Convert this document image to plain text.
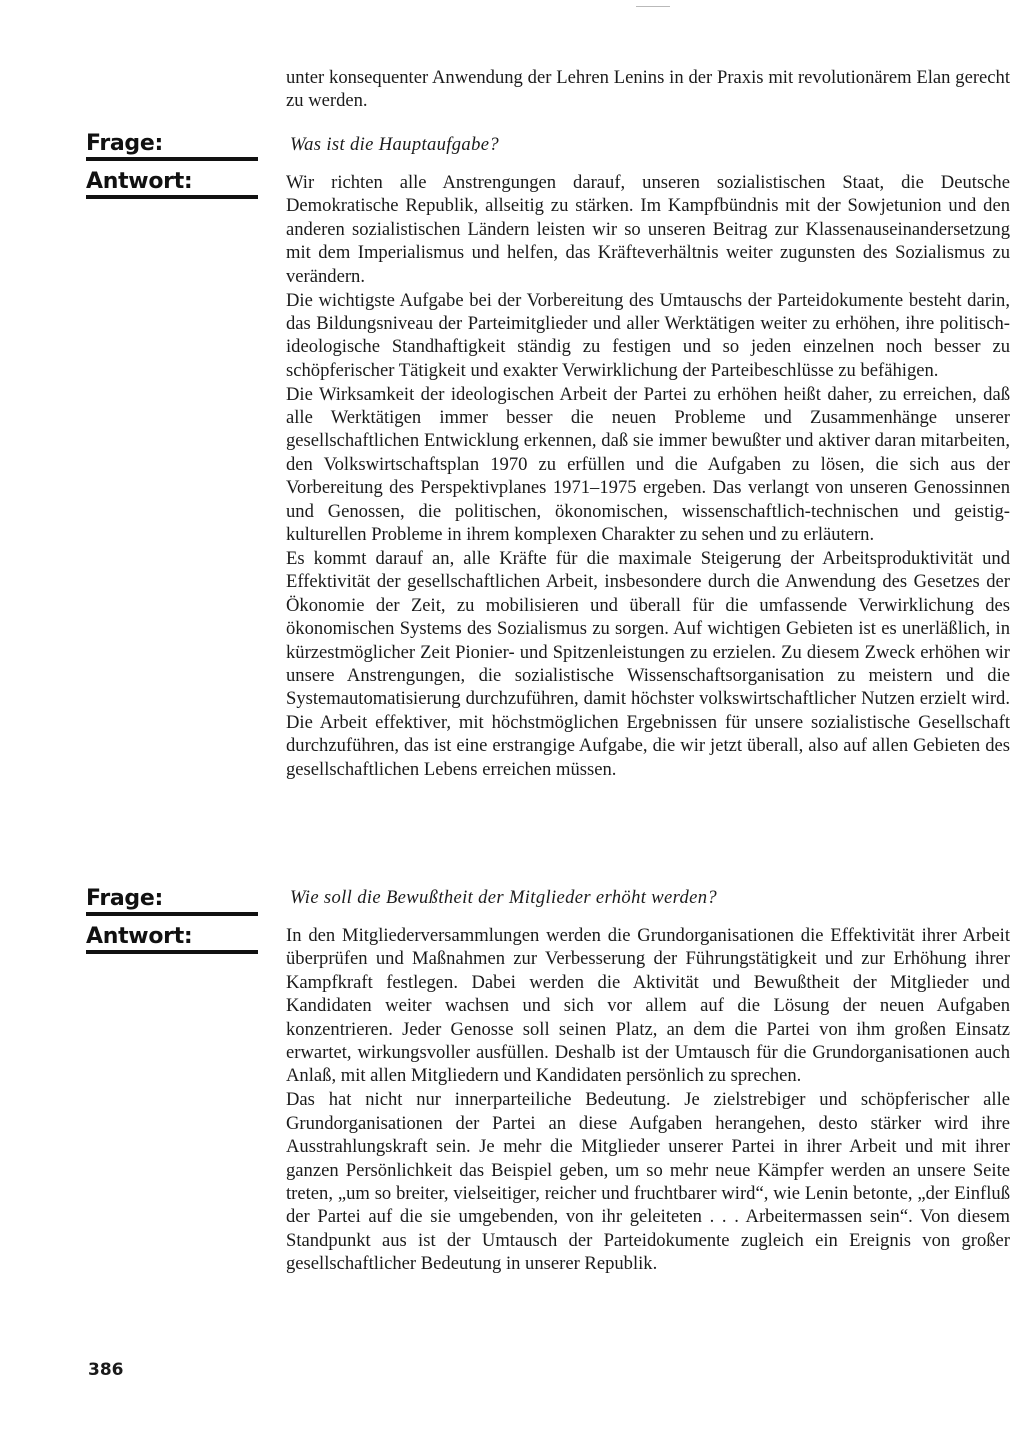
unter konsequenter Anwendung der Lehren Lenins in der Praxis mit revolutionärem Elan gerecht zu werden.

Frage:	Was ist die Hauptaufgabe?
Antwort:	Wir richten alle Anstrengungen darauf, unseren sozialistischen Staat, die Deutsche Demokratische Republik, allseitig zu stärken. Im Kampfbündnis mit der Sowjetunion und den anderen sozialistischen Ländern leisten wir so unseren Beitrag zur Klassenauseinandersetzung mit dem Imperialismus und helfen, das Kräfteverhältnis weiter zugunsten des Sozialismus zu verändern.

Die wichtigste Aufgabe bei der Vorbereitung des Umtauschs der Parteidokumente besteht darin, das Bildungsniveau der Parteimitglieder und aller Werktätigen weiter zu erhöhen, ihre politisch-ideologische Standhaftigkeit ständig zu festigen und so jeden einzelnen noch besser zu schöpferischer Tätigkeit und exakter Verwirklichung der Parteibeschlüsse zu befähigen.

Die Wirksamkeit der ideologischen Arbeit der Partei zu erhöhen heißt daher, zu erreichen, daß alle Werktätigen immer besser die neuen Probleme und Zusammenhänge unserer gesellschaftlichen Entwicklung erkennen, daß sie immer bewußter und aktiver daran mitarbeiten, den Volkswirtschaftsplan 1970 zu erfüllen und die Aufgaben zu lösen, die sich aus der Vorbereitung des Perspektivplanes 1971–1975 ergeben. Das verlangt von unseren Genossinnen und Genossen, die politischen, ökonomischen, wissenschaftlich-technischen und geistig-kulturellen Probleme in ihrem komplexen Charakter zu sehen und zu erläutern.

Es kommt darauf an, alle Kräfte für die maximale Steigerung der Arbeitsproduktivität und Effektivität der gesellschaftlichen Arbeit, insbesondere durch die Anwendung des Gesetzes der Ökonomie der Zeit, zu mobilisieren und überall für die umfassende Verwirklichung des ökonomischen Systems des Sozialismus zu sorgen. Auf wichtigen Gebieten ist es unerläßlich, in kürzestmöglicher Zeit Pionier- und Spitzenleistungen zu erzielen. Zu diesem Zweck erhöhen wir unsere Anstrengungen, die sozialistische Wissenschaftsorganisation zu meistern und die Systemautomatisierung durchzuführen, damit höchster volkswirtschaftlicher Nutzen erzielt wird. Die Arbeit effektiver, mit höchstmöglichen Ergebnissen für unsere sozialistische Gesellschaft durchzuführen, das ist eine erstrangige Aufgabe, die wir jetzt überall, also auf allen Gebieten des gesellschaftlichen Lebens erreichen müssen.

Frage:	Wie soll die Bewußtheit der Mitglieder erhöht werden?
Antwort:	In den Mitgliederversammlungen werden die Grundorganisationen die Effektivität ihrer Arbeit überprüfen und Maßnahmen zur Verbesserung der Führungstätigkeit und zur Erhöhung ihrer Kampfkraft festlegen. Dabei werden die Aktivität und Bewußtheit der Mitglieder und Kandidaten weiter wachsen und sich vor allem auf die Lösung der neuen Aufgaben konzentrieren. Jeder Genosse soll seinen Platz, an dem die Partei von ihm großen Einsatz erwartet, wirkungsvoller ausfüllen. Deshalb ist der Umtausch für die Grundorganisationen auch Anlaß, mit allen Mitgliedern und Kandidaten persönlich zu sprechen.

Das hat nicht nur innerparteiliche Bedeutung. Je zielstrebiger und schöpferischer alle Grundorganisationen der Partei an diese Aufgaben herangehen, desto stärker wird ihre Ausstrahlungskraft sein. Je mehr die Mitglieder unserer Partei in ihrer Arbeit und mit ihrer ganzen Persönlichkeit das Beispiel geben, um so mehr neue Kämpfer werden an unsere Seite treten, „um so breiter, vielseitiger, reicher und fruchtbarer wird“, wie Lenin betonte, „der Einfluß der Partei auf die sie umgebenden, von ihr geleiteten . . . Arbeitermassen sein“. Von diesem Standpunkt aus ist der Umtausch der Parteidokumente zugleich ein Ereignis von großer gesellschaftlicher Bedeutung in unserer Republik.

386
